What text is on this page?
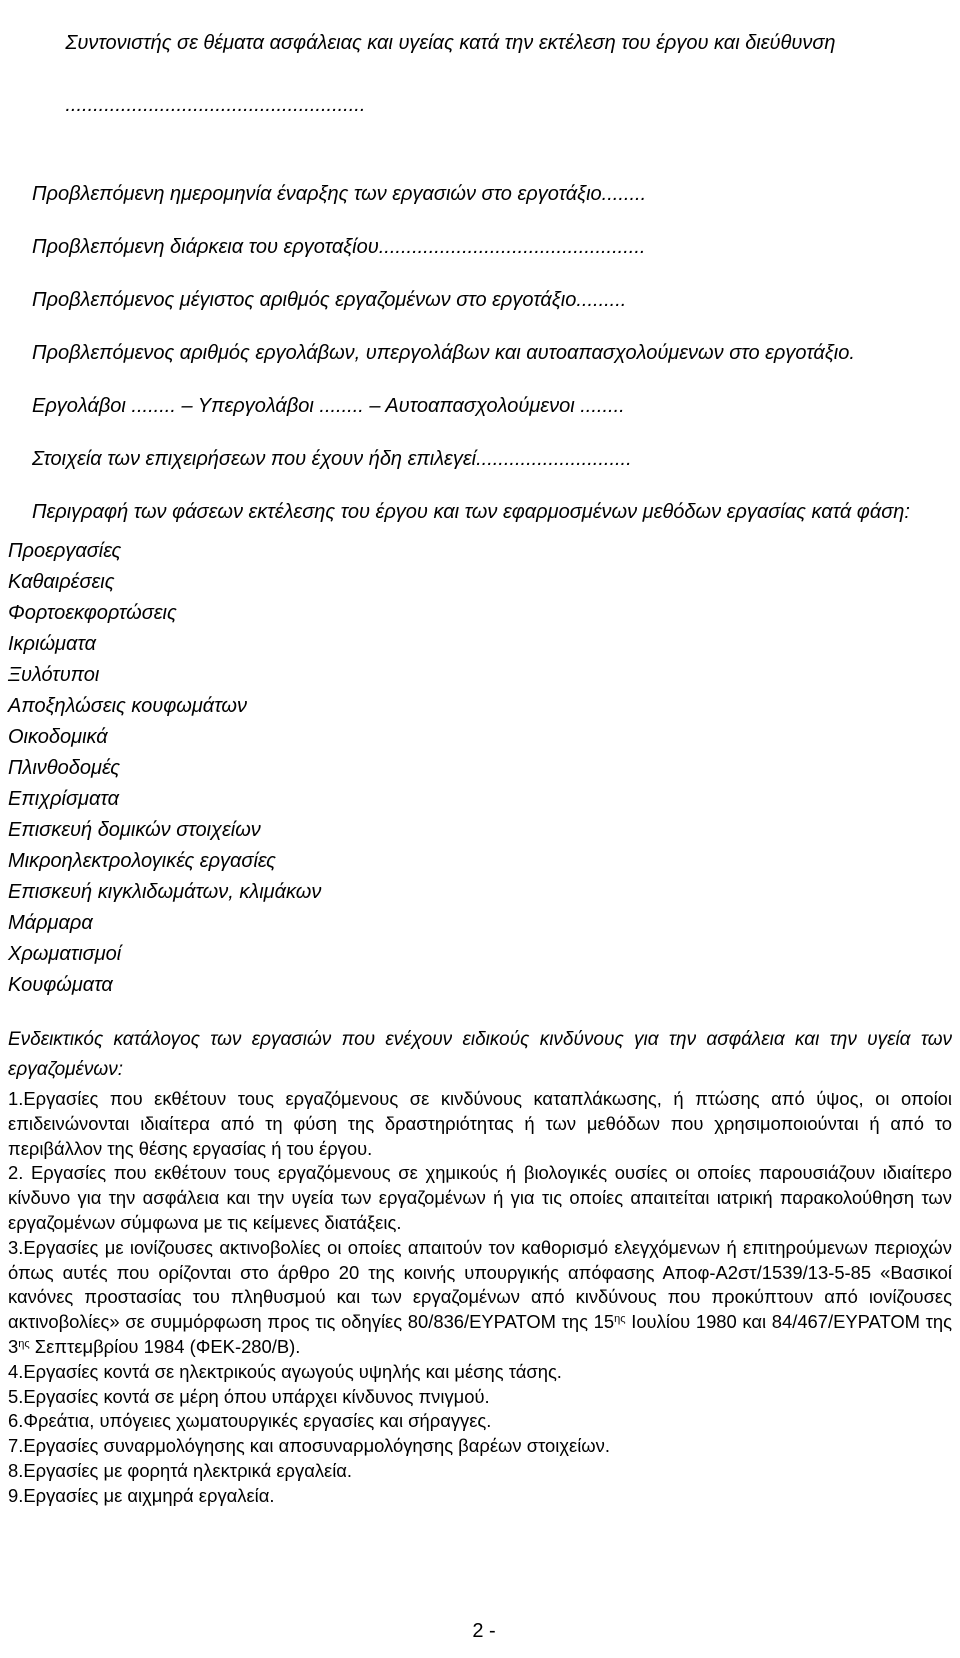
Συντονιστής σε θέματα ασφάλειας και υγείας κατά την εκτέλεση του έργου και διεύθυνση

......................................................

Προβλεπόμενη ημερομηνία έναρξης των εργασιών στο εργοτάξιο........

Προβλεπόμενη διάρκεια του εργοταξίου................................................

Προβλεπόμενος μέγιστος αριθμός εργαζομένων στο εργοτάξιο.........

Προβλεπόμενος αριθμός εργολάβων, υπεργολάβων και αυτοαπασχολούμενων στο εργοτάξιο.

Εργολάβοι ........ – Υπεργολάβοι ........ – Αυτοαπασχολούμενοι ........

Στοιχεία των επιχειρήσεων που έχουν ήδη επιλεγεί............................

Περιγραφή των φάσεων εκτέλεσης του έργου και των εφαρμοσμένων μεθόδων εργασίας κατά φάση:

Προεργασίες
Καθαιρέσεις
Φορτοεκφορτώσεις
Ικριώματα
Ξυλότυποι
Αποξηλώσεις κουφωμάτων
Οικοδομικά
Πλινθοδομές
Επιχρίσματα
Επισκευή δομικών στοιχείων
Μικροηλεκτρολογικές εργασίες
Επισκευή κιγκλιδωμάτων, κλιμάκων
Μάρμαρα
Χρωματισμοί
Κουφώματα

Ενδεικτικός κατάλογος των εργασιών που ενέχουν ειδικούς κινδύνους για την ασφάλεια και την υγεία των εργαζομένων:

1.Εργασίες που εκθέτουν τους εργαζόμενους σε κινδύνους καταπλάκωσης, ή πτώσης από ύψος, οι οποίοι επιδεινώνονται ιδιαίτερα από τη φύση της δραστηριότητας ή των μεθόδων που χρησιμοποιούνται ή από το περιβάλλον της θέσης εργασίας ή του έργου.
2. Εργασίες που εκθέτουν τους εργαζόμενους σε χημικούς ή βιολογικές ουσίες οι οποίες παρουσιάζουν ιδιαίτερο κίνδυνο για την ασφάλεια και την υγεία των εργαζομένων ή για τις οποίες απαιτείται ιατρική παρακολούθηση των εργαζομένων σύμφωνα με τις κείμενες διατάξεις.
3.Εργασίες με ιονίζουσες ακτινοβολίες οι οποίες απαιτούν τον καθορισμό ελεγχόμενων ή επιτηρούμενων περιοχών όπως αυτές που ορίζονται στο άρθρο 20 της κοινής υπουργικής απόφασης Αποφ-Α2στ/1539/13-5-85 «Βασικοί κανόνες προστασίας του πληθυσμού και των εργαζομένων από κινδύνους που προκύπτουν από ιονίζουσες ακτινοβολίες» σε συμμόρφωση προς τις οδηγίες 80/836/ΕΥΡΑΤΟΜ της $15^{\eta\varsigma}$ Ιουλίου 1980 και 84/467/ΕΥΡΑΤΟΜ της $3^{\eta\varsigma}$ Σεπτεμβρίου 1984 (ΦΕΚ-280/Β).
4.Εργασίες κοντά σε ηλεκτρικούς αγωγούς υψηλής και μέσης τάσης.
5.Εργασίες κοντά σε μέρη όπου υπάρχει κίνδυνος πνιγμού.
6.Φρεάτια, υπόγειες χωματουργικές εργασίες και σήραγγες.
7.Εργασίες συναρμολόγησης και αποσυναρμολόγησης βαρέων στοιχείων.
8.Εργασίες με φορητά ηλεκτρικά εργαλεία.
9.Εργασίες με αιχμηρά εργαλεία.
2 -
